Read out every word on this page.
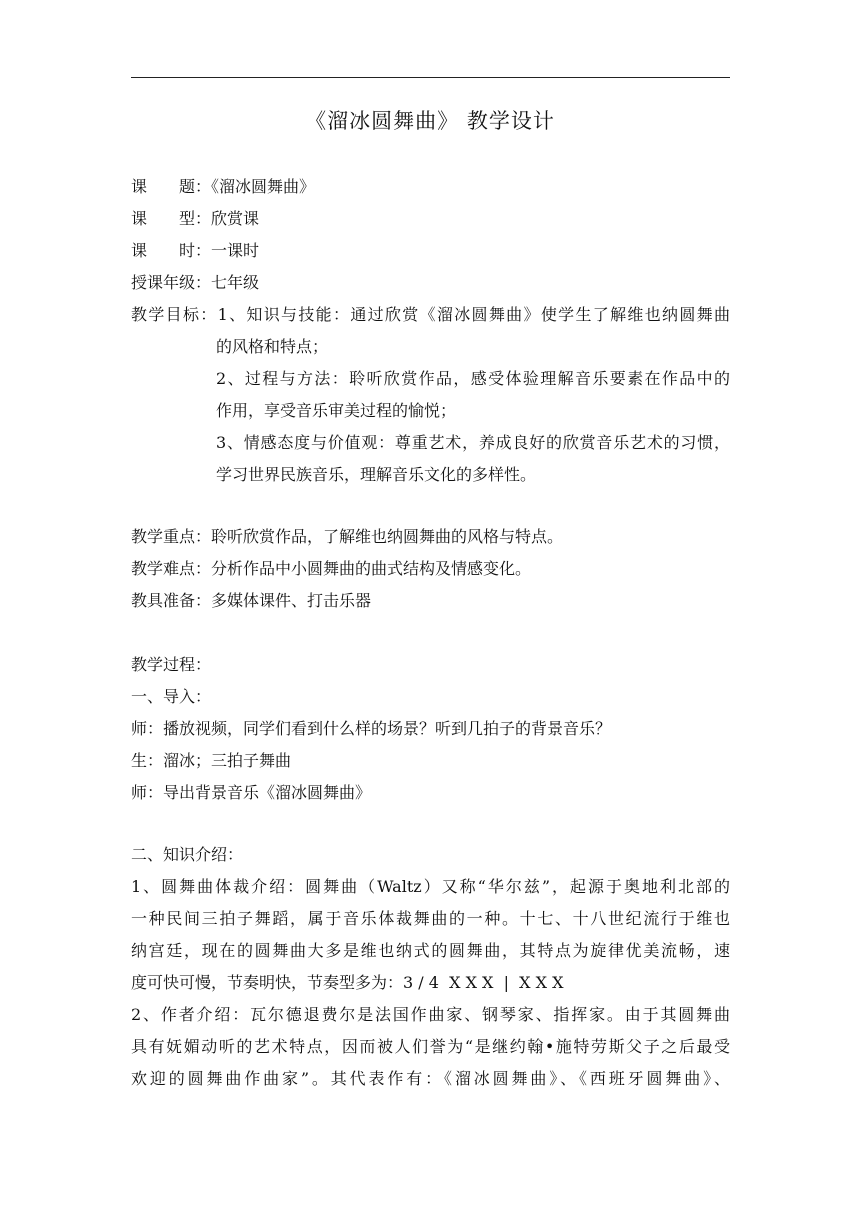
《溜冰圆舞曲》 教学设计
课　　题：《溜冰圆舞曲》
课　　型：欣赏课
课　　时：一课时
授课年级：七年级
教学目标：1、知识与技能：通过欣赏《溜冰圆舞曲》使学生了解维也纳圆舞曲
的风格和特点；
2、过程与方法：聆听欣赏作品，感受体验理解音乐要素在作品中的
作用，享受音乐审美过程的愉悦；
3、情感态度与价值观：尊重艺术，养成良好的欣赏音乐艺术的习惯，
学习世界民族音乐，理解音乐文化的多样性。
教学重点：聆听欣赏作品，了解维也纳圆舞曲的风格与特点。
教学难点：分析作品中小圆舞曲的曲式结构及情感变化。
教具准备：多媒体课件、打击乐器
教学过程：
一、导入：
师：播放视频，同学们看到什么样的场景？听到几拍子的背景音乐？
生：溜冰；三拍子舞曲
师：导出背景音乐《溜冰圆舞曲》
二、知识介绍：
1、圆舞曲体裁介绍：圆舞曲（Waltz）又称“华尔兹”，起源于奥地利北部的
一种民间三拍子舞蹈，属于音乐体裁舞曲的一种。十七、十八世纪流行于维也
纳宫廷，现在的圆舞曲大多是维也纳式的圆舞曲，其特点为旋律优美流畅，速
度可快可慢，节奏明快，节奏型多为：3 / 4  X X X  |  X X X
2、作者介绍：瓦尔德退费尔是法国作曲家、钢琴家、指挥家。由于其圆舞曲
具有妩媚动听的艺术特点，因而被人们誉为“是继约翰•施特劳斯父子之后最受
欢迎的圆舞曲作曲家”。其代表作有：《溜冰圆舞曲》、《西班牙圆舞曲》、
